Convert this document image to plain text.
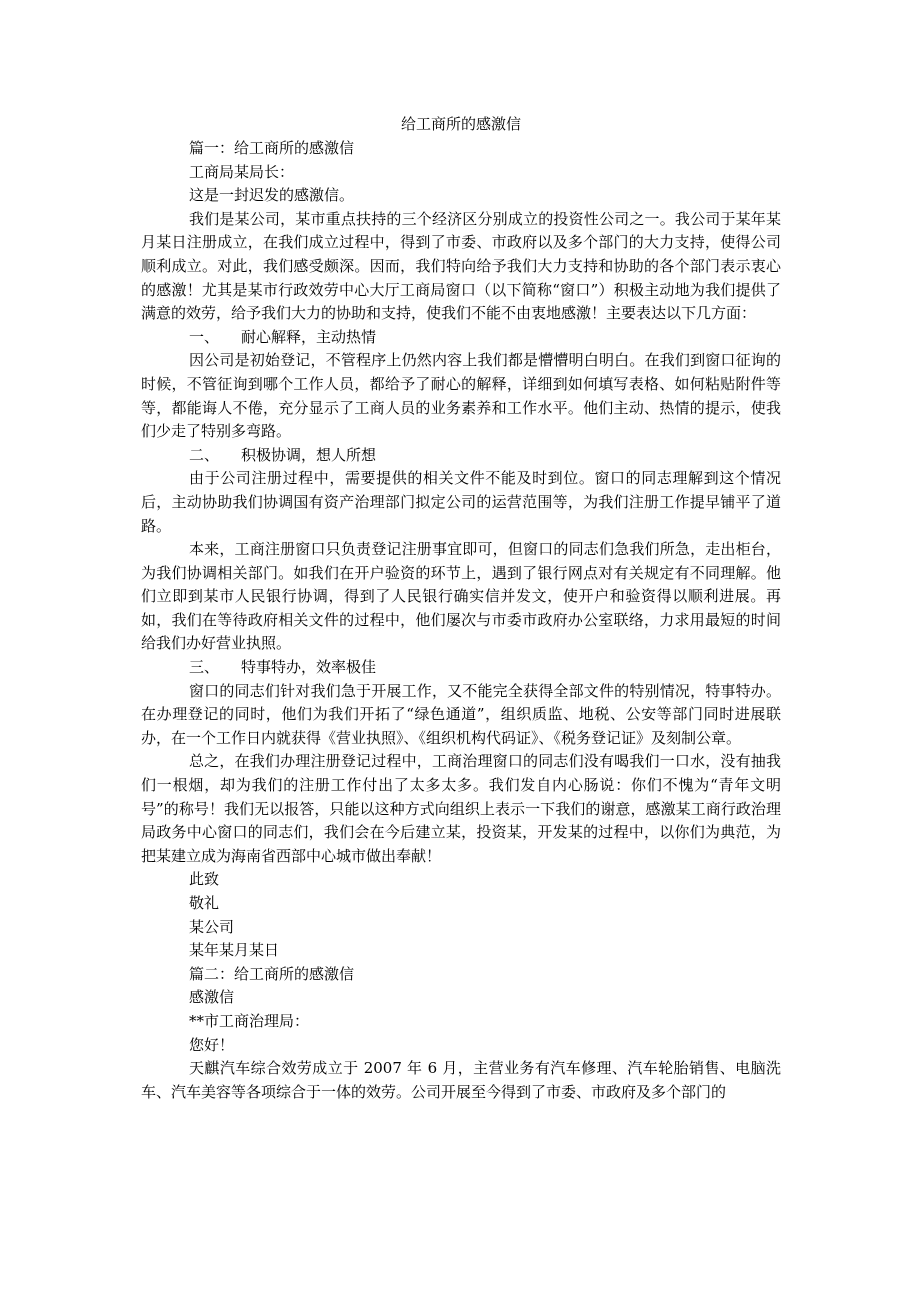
给工商所的感激信

篇一：给工商所的感激信

工商局某局长：

这是一封迟发的感激信。

我们是某公司，某市重点扶持的三个经济区分别成立的投资性公司之一。我公司于某年某月某日注册成立，在我们成立过程中，得到了市委、市政府以及多个部门的大力支持，使得公司顺利成立。对此，我们感受颇深。因而，我们特向给予我们大力支持和协助的各个部门表示衷心的感激！尤其是某市行政效劳中心大厅工商局窗口（以下简称“窗口”）积极主动地为我们提供了满意的效劳，给予我们大力的协助和支持，使我们不能不由衷地感激！主要表达以下几方面：

一、 耐心解释，主动热情

因公司是初始登记，不管程序上仍然内容上我们都是懵懵明白明白。在我们到窗口征询的时候，不管征询到哪个工作人员，都给予了耐心的解释，详细到如何填写表格、如何粘贴附件等等，都能诲人不倦，充分显示了工商人员的业务素养和工作水平。他们主动、热情的提示，使我们少走了特别多弯路。

二、 积极协调，想人所想

由于公司注册过程中，需要提供的相关文件不能及时到位。窗口的同志理解到这个情况后，主动协助我们协调国有资产治理部门拟定公司的运营范围等，为我们注册工作提早铺平了道路。

本来，工商注册窗口只负责登记注册事宜即可，但窗口的同志们急我们所急，走出柜台，为我们协调相关部门。如我们在开户验资的环节上，遇到了银行网点对有关规定有不同理解。他们立即到某市人民银行协调，得到了人民银行确实信并发文，使开户和验资得以顺利进展。再如，我们在等待政府相关文件的过程中，他们屡次与市委市政府办公室联络，力求用最短的时间给我们办好营业执照。

三、 特事特办，效率极佳

窗口的同志们针对我们急于开展工作，又不能完全获得全部文件的特别情况，特事特办。在办理登记的同时，他们为我们开拓了“绿色通道”，组织质监、地税、公安等部门同时进展联办，在一个工作日内就获得《营业执照》、《组织机构代码证》、《税务登记证》及刻制公章。

总之，在我们办理注册登记过程中，工商治理窗口的同志们没有喝我们一口水，没有抽我们一根烟，却为我们的注册工作付出了太多太多。我们发自内心肠说：你们不愧为“青年文明号”的称号！我们无以报答，只能以这种方式向组织上表示一下我们的谢意，感激某工商行政治理局政务中心窗口的同志们，我们会在今后建立某，投资某，开发某的过程中，以你们为典范，为把某建立成为海南省西部中心城市做出奉献！

此致

敬礼

某公司

某年某月某日

篇二：给工商所的感激信

感激信

**市工商治理局：

您好！

天麒汽车综合效劳成立于 2007 年 6 月，主营业务有汽车修理、汽车轮胎销售、电脑洗车、汽车美容等各项综合于一体的效劳。公司开展至今得到了市委、市政府及多个部门的
